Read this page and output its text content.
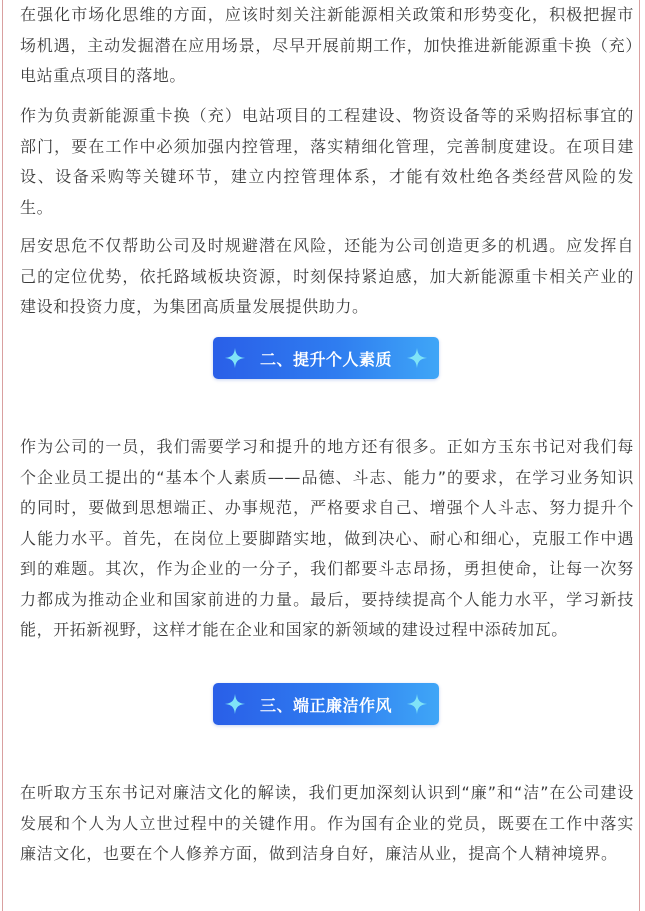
在强化市场化思维的方面，应该时刻关注新能源相关政策和形势变化，积极把握市场机遇，主动发掘潜在应用场景，尽早开展前期工作，加快推进新能源重卡换（充）电站重点项目的落地。

作为负责新能源重卡换（充）电站项目的工程建设、物资设备等的采购招标事宜的部门，要在工作中必须加强内控管理，落实精细化管理，完善制度建设。在项目建设、设备采购等关键环节，建立内控管理体系，才能有效杜绝各类经营风险的发生。

居安思危不仅帮助公司及时规避潜在风险，还能为公司创造更多的机遇。应发挥自己的定位优势，依托路域板块资源，时刻保持紧迫感，加大新能源重卡相关产业的建设和投资力度，为集团高质量发展提供助力。

二、提升个人素质

作为公司的一员，我们需要学习和提升的地方还有很多。正如方玉东书记对我们每个企业员工提出的“基本个人素质——品德、斗志、能力”的要求，在学习业务知识的同时，要做到思想端正、办事规范，严格要求自己、增强个人斗志、努力提升个人能力水平。首先，在岗位上要脚踏实地，做到决心、耐心和细心，克服工作中遇到的难题。其次，作为企业的一分子，我们都要斗志昂扬，勇担使命，让每一次努力都成为推动企业和国家前进的力量。最后，要持续提高个人能力水平，学习新技能，开拓新视野，这样才能在企业和国家的新领域的建设过程中添砖加瓦。

三、端正廉洁作风

在听取方玉东书记对廉洁文化的解读，我们更加深刻认识到“廉”和“洁”在公司建设发展和个人为人立世过程中的关键作用。作为国有企业的党员，既要在工作中落实廉洁文化，也要在个人修养方面，做到洁身自好，廉洁从业，提高个人精神境界。
